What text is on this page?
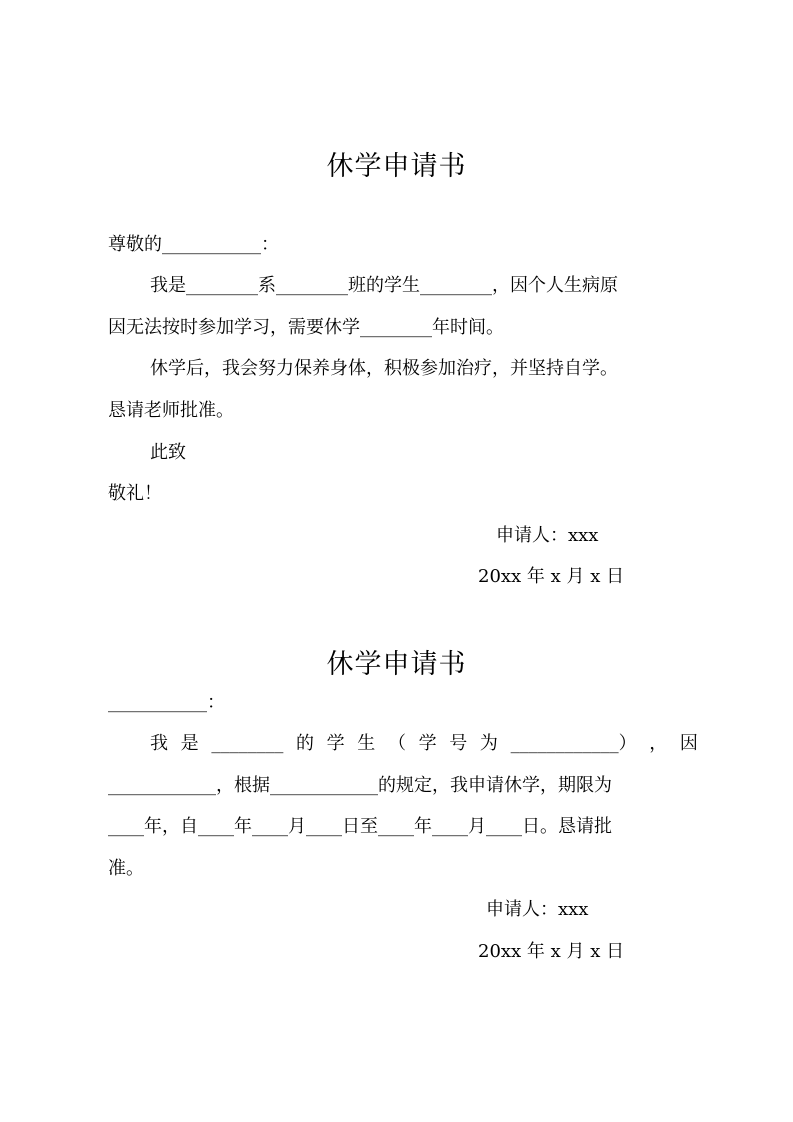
休学申请书
尊敬的___________：
我是________系________班的学生________，因个人生病原
因无法按时参加学习，需要休学________年时间。
休学后，我会努力保养身体，积极参加治疗，并坚持自学。
恳请老师批准。
此致
敬礼！
申请人：xxx
20xx 年 x 月 x 日
休学申请书
___________：
我 是 ________ 的 学 生 （ 学 号 为 ____________） ， 因
____________，根据____________的规定，我申请休学，期限为
____年，自____年____月____日至____年____月____日。恳请批
准。
申请人：xxx
20xx 年 x 月 x 日
